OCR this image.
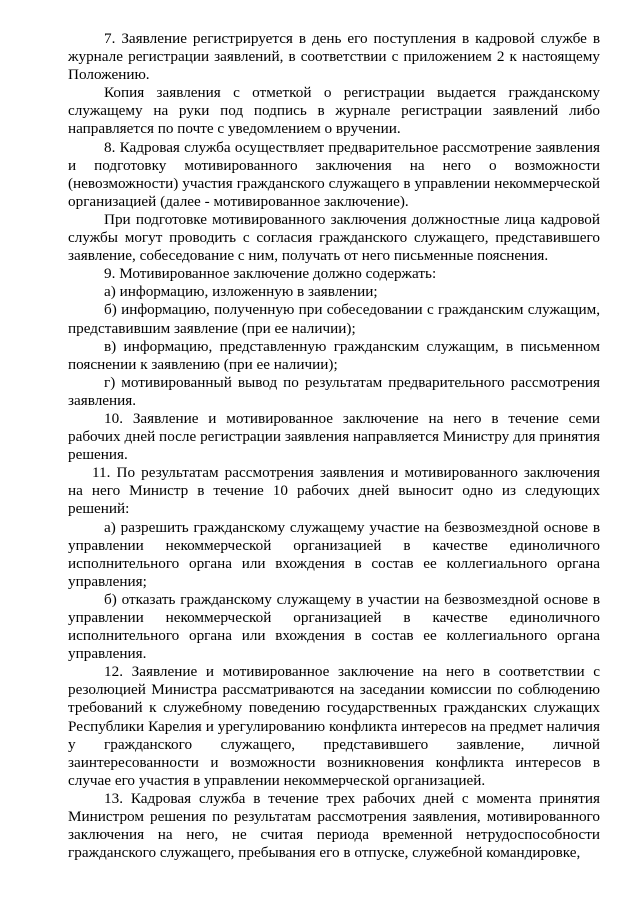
7. Заявление регистрируется в день его поступления в кадровой службе в журнале регистрации заявлений, в соответствии с приложением 2 к настоящему Положению.

Копия заявления с отметкой о регистрации выдается гражданскому служащему на руки под подпись в журнале регистрации заявлений либо направляется по почте с уведомлением о вручении.

8. Кадровая служба осуществляет предварительное рассмотрение заявления и подготовку мотивированного заключения на него о возможности (невозможности) участия гражданского служащего в управлении некоммерческой организацией (далее - мотивированное заключение).

При подготовке мотивированного заключения должностные лица кадровой службы могут проводить с согласия гражданского служащего, представившего заявление, собеседование с ним, получать от него письменные пояснения.

9. Мотивированное заключение должно содержать:

а) информацию, изложенную в заявлении;

б) информацию, полученную при собеседовании с гражданским служащим, представившим заявление (при ее наличии);

в) информацию, представленную гражданским служащим, в письменном пояснении к заявлению (при ее наличии);

г) мотивированный вывод по результатам предварительного рассмотрения заявления.

10. Заявление и мотивированное заключение на него в течение семи рабочих дней после регистрации заявления направляется Министру для принятия решения.

11. По результатам рассмотрения заявления и мотивированного заключения на него Министр в течение 10 рабочих дней выносит одно из следующих решений:

а) разрешить гражданскому служащему участие на безвозмездной основе в управлении некоммерческой организацией в качестве единоличного исполнительного органа или вхождения в состав ее коллегиального органа управления;

б) отказать гражданскому служащему в участии на безвозмездной основе в управлении некоммерческой организацией в качестве единоличного исполнительного органа или вхождения в состав ее коллегиального органа управления.

12. Заявление и мотивированное заключение на него в соответствии с резолюцией Министра рассматриваются на заседании комиссии по соблюдению требований к служебному поведению государственных гражданских служащих Республики Карелия и урегулированию конфликта интересов на предмет наличия у гражданского служащего, представившего заявление, личной заинтересованности и возможности возникновения конфликта интересов в случае его участия в управлении некоммерческой организацией.

13. Кадровая служба в течение трех рабочих дней с момента принятия Министром решения по результатам рассмотрения заявления, мотивированного заключения на него, не считая периода временной нетрудоспособности гражданского служащего, пребывания его в отпуске, служебной командировке,
